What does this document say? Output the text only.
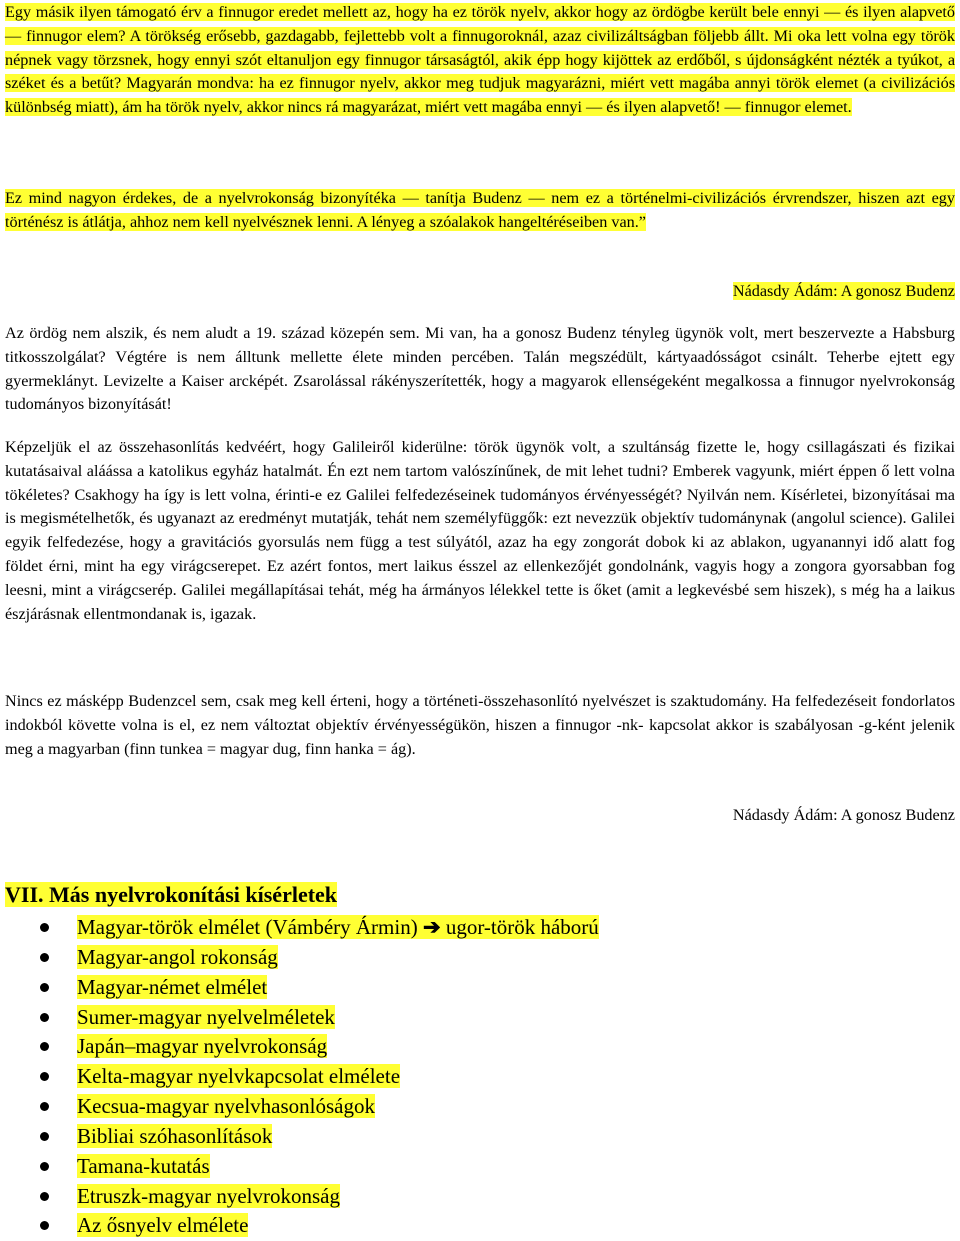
Egy másik ilyen támogató érv a finnugor eredet mellett az, hogy ha ez török nyelv, akkor hogy az ördögbe került bele ennyi — és ilyen alapvető — finnugor elem? A törökség erősebb, gazdagabb, fejlettebb volt a finnugoroknál, azaz civilizáltságban följebb állt. Mi oka lett volna egy török népnek vagy törzsnek, hogy ennyi szót eltanuljon egy finnugor társaságtól, akik épp hogy kijöttek az erdőből, s újdonságként nézték a tyúkot, a széket és a betűt? Magyarán mondva: ha ez finnugor nyelv, akkor meg tudjuk magyarázni, miért vett magába annyi török elemet (a civilizációs különbség miatt), ám ha török nyelv, akkor nincs rá magyarázat, miért vett magába ennyi — és ilyen alapvető! — finnugor elemet.

Ez mind nagyon érdekes, de a nyelvrokonság bizonyítéka — tanítja Budenz — nem ez a történelmi-civilizációs érvrendszer, hiszen azt egy történész is átlátja, ahhoz nem kell nyelvésznek lenni. A lényeg a szóalakok hangeltéréseiben van.”

Nádasdy Ádám: A gonosz Budenz

Az ördög nem alszik, és nem aludt a 19. század közepén sem. Mi van, ha a gonosz Budenz tényleg ügynök volt, mert beszervezte a Habsburg titkosszolgálat? Végtére is nem álltunk mellette élete minden percében. Talán megszédült, kártyaadósságot csinált. Teherbe ejtett egy gyermeklányt. Levizelte a Kaiser arcképét. Zsarolással rákényszerítették, hogy a magyarok ellenségeként megalkossa a finnugor nyelvrokonság tudományos bizonyítását!

Képzeljük el az összehasonlítás kedvéért, hogy Galileiről kiderülne: török ügynök volt, a szultánság fizette le, hogy csillagászati és fizikai kutatásaival aláássa a katolikus egyház hatalmát. Én ezt nem tartom valószínűnek, de mit lehet tudni? Emberek vagyunk, miért éppen ő lett volna tökéletes? Csakhogy ha így is lett volna, érinti-e ez Galilei felfedezéseinek tudományos érvényességét? Nyilván nem. Kísérletei, bizonyításai ma is megismételhetők, és ugyanazt az eredményt mutatják, tehát nem személyfüggők: ezt nevezzük objektív tudománynak (angolul science). Galilei egyik felfedezése, hogy a gravitációs gyorsulás nem függ a test súlyától, azaz ha egy zongorát dobok ki az ablakon, ugyanannyi idő alatt fog földet érni, mint ha egy virágcserepet. Ez azért fontos, mert laikus ésszel az ellenkezőjét gondolnánk, vagyis hogy a zongora gyorsabban fog leesni, mint a virágcserép. Galilei megállapításai tehát, még ha ármányos lélekkel tette is őket (amit a legkevésbé sem hiszek), s még ha a laikus észjárásnak ellentmondanak is, igazak.

Nincs ez másképp Budenzcel sem, csak meg kell érteni, hogy a történeti-összehasonlító nyelvészet is szaktudomány. Ha felfedezéseit fondorlatos indokból követte volna is el, ez nem változtat objektív érvényességükön, hiszen a finnugor -nk- kapcsolat akkor is szabályosan -g-ként jelenik meg a magyarban (finn tunkea = magyar dug, finn hanka = ág).

Nádasdy Ádám: A gonosz Budenz

VII. Más nyelvrokonítási kísérletek
Magyar-török elmélet (Vámbéry Ármin) ➔ ugor-török háború
Magyar-angol rokonság
Magyar-német elmélet
Sumer-magyar nyelvelméletek
Japán–magyar nyelvrokonság
Kelta-magyar nyelvkapcsolat elmélete
Kecsua-magyar nyelvhasonlóságok
Bibliai szóhasonlítások
Tamana-kutatás
Etruszk-magyar nyelvrokonság
Az ősnyelv elmélete
